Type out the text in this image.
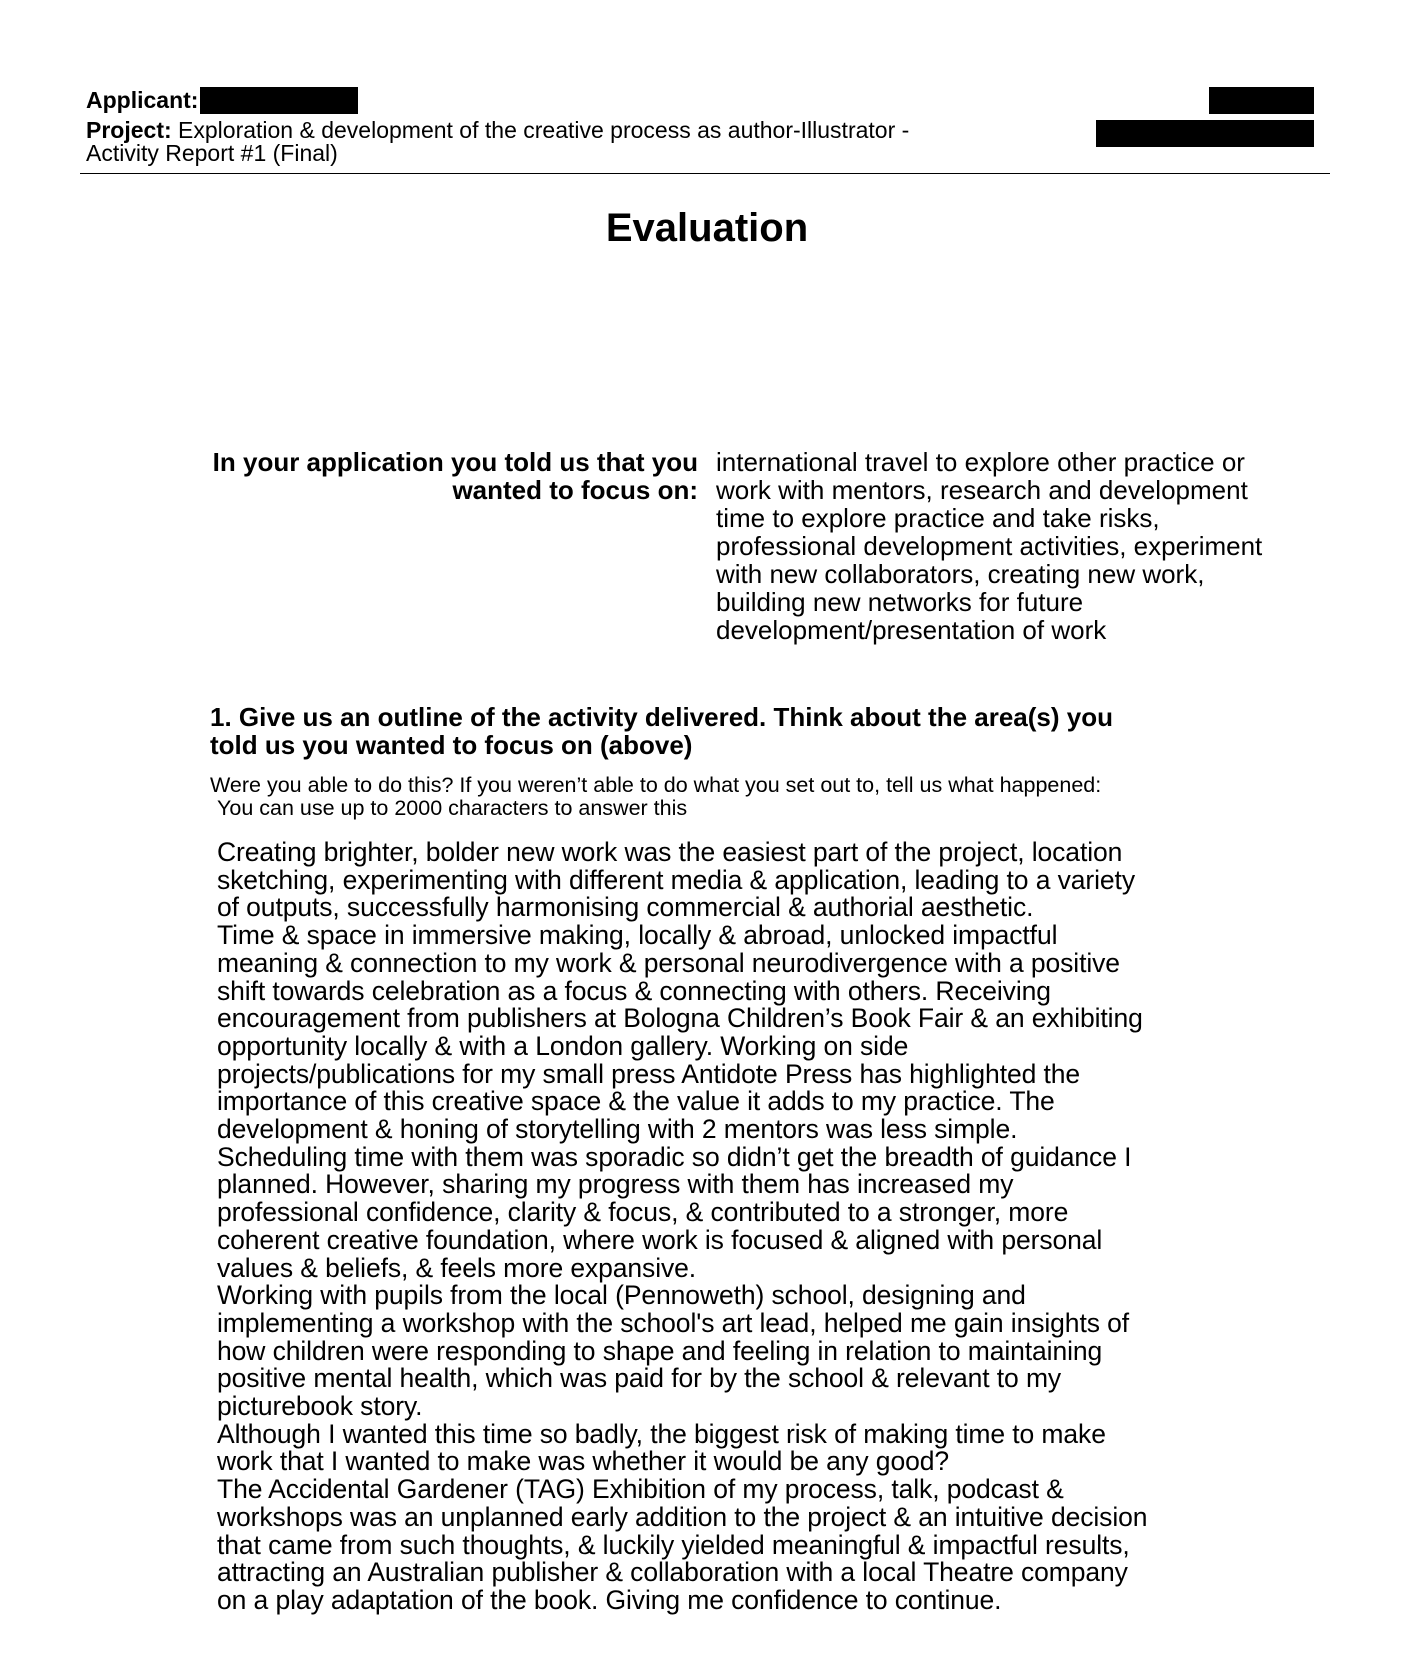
Applicant:
Project: Exploration & development of the creative process as author-Illustrator -
Activity Report #1 (Final)
Evaluation
In your application you told us that you
wanted to focus on:
international travel to explore other practice or
work with mentors, research and development
time to explore practice and take risks,
professional development activities, experiment
with new collaborators, creating new work,
building new networks for future
development/presentation of work
1. Give us an outline of the activity delivered. Think about the area(s) you
told us you wanted to focus on (above)
Were you able to do this? If you weren’t able to do what you set out to, tell us what happened:
You can use up to 2000 characters to answer this

Creating brighter, bolder new work was the easiest part of the project, location

sketching, experimenting with different media & application, leading to a variety

of outputs, successfully harmonising commercial & authorial aesthetic.

Time & space in immersive making, locally & abroad, unlocked impactful

meaning & connection to my work & personal neurodivergence with a positive

shift towards celebration as a focus & connecting with others. Receiving

encouragement from publishers at Bologna Children’s Book Fair & an exhibiting

opportunity locally & with a London gallery. Working on side

projects/publications for my small press Antidote Press has highlighted the

importance of this creative space & the value it adds to my practice. The

development & honing of storytelling with 2 mentors was less simple.

Scheduling time with them was sporadic so didn’t get the breadth of guidance I

planned. However, sharing my progress with them has increased my

professional confidence, clarity & focus, & contributed to a stronger, more

coherent creative foundation, where work is focused & aligned with personal

values & beliefs, & feels more expansive.

Working with pupils from the local (Pennoweth) school, designing and

implementing a workshop with the school's art lead, helped me gain insights of

how children were responding to shape and feeling in relation to maintaining

positive mental health, which was paid for by the school & relevant to my

picturebook story.

Although I wanted this time so badly, the biggest risk of making time to make

work that I wanted to make was whether it would be any good?

The Accidental Gardener (TAG) Exhibition of my process, talk, podcast &

workshops was an unplanned early addition to the project & an intuitive decision

that came from such thoughts, & luckily yielded meaningful & impactful results,

attracting an Australian publisher & collaboration with a local Theatre company

on a play adaptation of the book. Giving me confidence to continue.
